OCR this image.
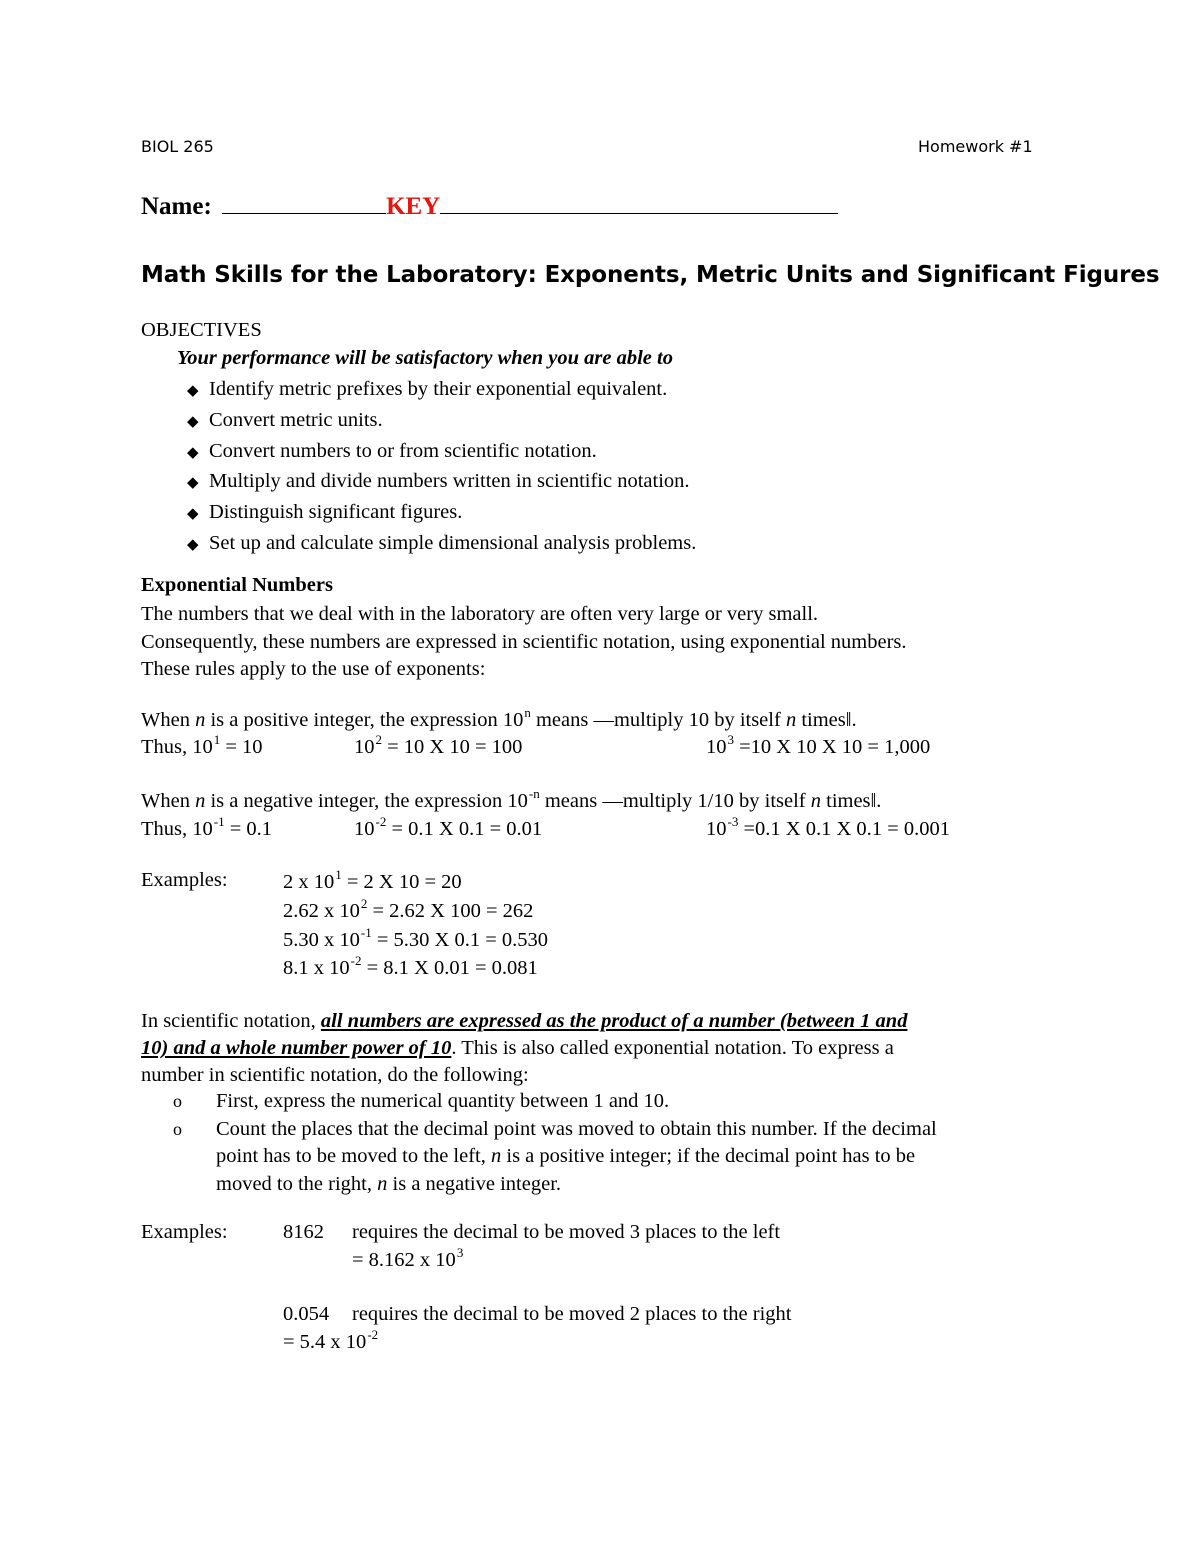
BIOL 265	Homework #1
Name:	KEY
Math Skills for the Laboratory: Exponents, Metric Units and Significant Figures
OBJECTIVES
Your performance will be satisfactory when you are able to
◆ Identify metric prefixes by their exponential equivalent.
◆ Convert metric units.
◆ Convert numbers to or from scientific notation.
◆ Multiply and divide numbers written in scientific notation.
◆ Distinguish significant figures.
◆ Set up and calculate simple dimensional analysis problems.
Exponential Numbers
The numbers that we deal with in the laboratory are often very large or very small.
Consequently, these numbers are expressed in scientific notation, using exponential numbers.
These rules apply to the use of exponents:
When n is a positive integer, the expression 10$^n$ means —multiply 10 by itself n times‖.
Thus, $10^1 = 10$	$10^2 = 10$ X 10 = 100	$10^3 =10$ X 10 X 10 = 1,000
When n is a negative integer, the expression $10^{-n}$ means —multiply 1/10 by itself n times‖.
Thus, $10^{-1} = 0.1$	$10^{-2} = 0.1$ X 0.1 = 0.01	$10^{-3} =0.1$ X 0.1 X 0.1 = 0.001
Examples:	2 x $10^1 = 2$ X 10 = 20
2.62 x $10^2 = 2.62$ X 100 = 262
5.30 x $10^{-1} = 5.30$ X 0.1 = 0.530
8.1 x $10^{-2} = 8.1$ X 0.01 = 0.081
In scientific notation, all numbers are expressed as the product of a number (between 1 and
10) and a whole number power of 10. This is also called exponential notation. To express a
number in scientific notation, do the following:
o First, express the numerical quantity between 1 and 10.
o Count the places that the decimal point was moved to obtain this number. If the decimal
point has to be moved to the left, n is a positive integer; if the decimal point has to be
moved to the right, n is a negative integer.
Examples:	8162 requires the decimal to be moved 3 places to the left
= 8.162 x $10^3$
0.054 requires the decimal to be moved 2 places to the right
= 5.4 x $10^{-2}$
